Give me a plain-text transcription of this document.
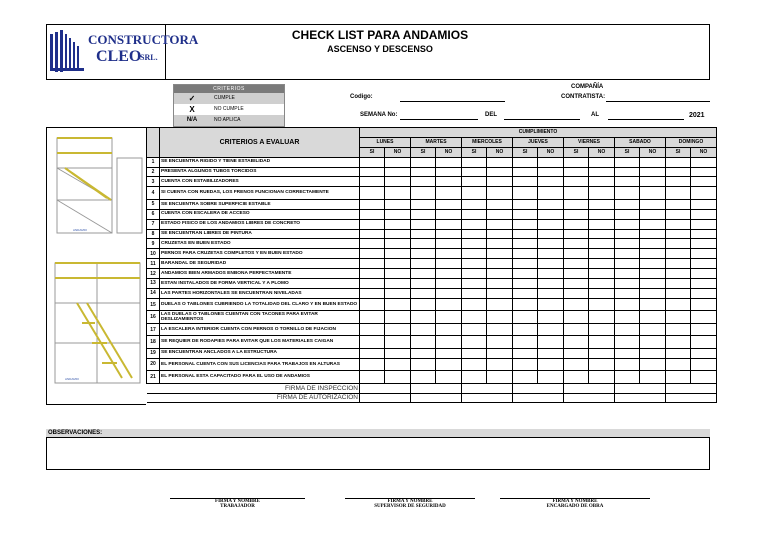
CONSTRUCTORA
CLEO
SRL.
CHECK LIST PARA ANDAMIOS
ASCENSO Y DESCENSO
CRITERIOS
✓	CUMPLE
X	NO CUMPLE
N/A	NO APLICA
Codigo:
COMPAÑÍA
CONTRATISTA:
SEMANA No:	DEL	AL	2021
ANDAMIO
ANDAMIO
	CRITERIOS A EVALUAR	CUMPLIMIENTO													
		LUNES		MARTES		MIERCOLES		JUEVES		VIERNES		SABADO		DOMINGO	
		SI	NO	SI	NO	SI	NO	SI	NO	SI	NO	SI	NO	SI	NO
1	SE ENCUENTRA RIGIDO Y TIENE ESTABILIDAD														
2	PRESENTA ALGUNOS TUBOS TORCIDOS														
3	CUENTA CON ESTABILIZADORES														
4	SI CUENTA CON RUEDAS, LOS FRENOS FUNCIONAN CORRECTAMENTE														
5	SE ENCUENTRA SOBRE SUPERFICIE ESTABLE														
6	CUENTA CON ESCALERA DE ACCESO														
7	ESTADO FISICO DE LOS ANDAMIOS LIBRES DE CONCRETO														
8	SE ENCUENTRAN LIBRES DE PINTURA														
9	CRUZETAS EN BUEN ESTADO														
10	PERNOS PARA CRUZETAS COMPLETOS Y EN BUEN ESTADO														
11	BARANDAL DE SEGURIDAD														
12	ANDAMIOS BIEN ARMADOS ENBONA PERFECTAMENTE														
13	ESTAN INSTALADOS DE FORMA VERTICAL Y A PLOMO														
14	LAS PARTES HORIZONTALES SE ENCUENTRAN NIVELADAS														
15	DUELAS O TABLONES CUBRIENDO LA TOTALIDAD DEL CLARO Y EN BUEN ESTADO														
16	LAS DUELAS O TABLONES CUENTAN CON TACONES PARA EVITAR DESLIZAMIENTOS														
17	LA ESCALERA INTERIOR CUENTA CON PERNOS O TORNILLO DE FIJACION														
18	SE REQUIER DE RODAPIES PARA EVITAR QUE LOS MATERIALES CAIGAN														
19	SE ENCUENTRAN ANCLADOS A LA ESTRUCTURA														
20	EL PERSONAL CUENTA CON SUS LICENCIAS PARA TRABAJOS EN ALTURAS														
21	EL PERSONAL ESTA CAPACITADO PARA EL USO DE ANDAMIOS														
FIRMA DE INSPECCION															
FIRMA DE AUTORIZACION															
OBSERVACIONES:
FIRMA Y NOMBRE
TRABAJADOR
FIRMA Y NOMBRE
SUPERVISOR DE SEGURIDAD
FIRMA Y NOMBRE
ENCARGADO DE OBRA
